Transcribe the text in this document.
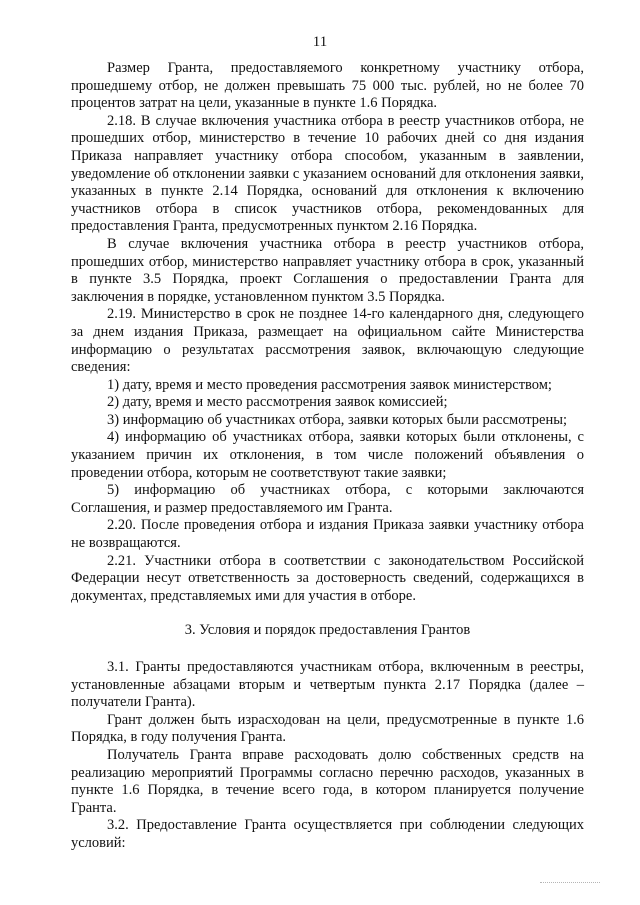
11

Размер Гранта, предоставляемого конкретному участнику отбора, прошедшему отбор, не должен превышать 75 000 тыс. рублей, но не более 70 процентов затрат на цели, указанные в пункте 1.6 Порядка.

2.18. В случае включения участника отбора в реестр участников отбора, не прошедших отбор, министерство в течение 10 рабочих дней со дня издания Приказа направляет участнику отбора способом, указанным в заявлении, уведомление об отклонении заявки с указанием оснований для отклонения заявки, указанных в пункте 2.14 Порядка, оснований для отклонения к включению участников отбора в список участников отбора, рекомендованных для предоставления Гранта, предусмотренных пунктом 2.16 Порядка.

В случае включения участника отбора в реестр участников отбора, прошедших отбор, министерство направляет участнику отбора в срок, указанный в пункте 3.5 Порядка, проект Соглашения о предоставлении Гранта для заключения в порядке, установленном пунктом 3.5 Порядка.

2.19. Министерство в срок не позднее 14-го календарного дня, следующего за днем издания Приказа, размещает на официальном сайте Министерства информацию о результатах рассмотрения заявок, включающую следующие сведения:

1) дату, время и место проведения рассмотрения заявок министерством;

2) дату, время и место рассмотрения заявок комиссией;

3) информацию об участниках отбора, заявки которых были рассмотрены;

4) информацию об участниках отбора, заявки которых были отклонены, с указанием причин их отклонения, в том числе положений объявления о проведении отбора, которым не соответствуют такие заявки;

5) информацию об участниках отбора, с которыми заключаются Соглашения, и размер предоставляемого им Гранта.

2.20. После проведения отбора и издания Приказа заявки участнику отбора не возвращаются.

2.21. Участники отбора в соответствии с законодательством Российской Федерации несут ответственность за достоверность сведений, содержащихся в документах, представляемых ими для участия в отборе.

3. Условия и порядок предоставления Грантов

3.1. Гранты предоставляются участникам отбора, включенным в реестры, установленные абзацами вторым и четвертым пункта 2.17 Порядка (далее – получатели Гранта).

Грант должен быть израсходован на цели, предусмотренные в пункте 1.6 Порядка, в году получения Гранта.

Получатель Гранта вправе расходовать долю собственных средств на реализацию мероприятий Программы согласно перечню расходов, указанных в пункте 1.6 Порядка, в течение всего года, в котором планируется получение Гранта.

3.2. Предоставление Гранта осуществляется при соблюдении следующих условий:
